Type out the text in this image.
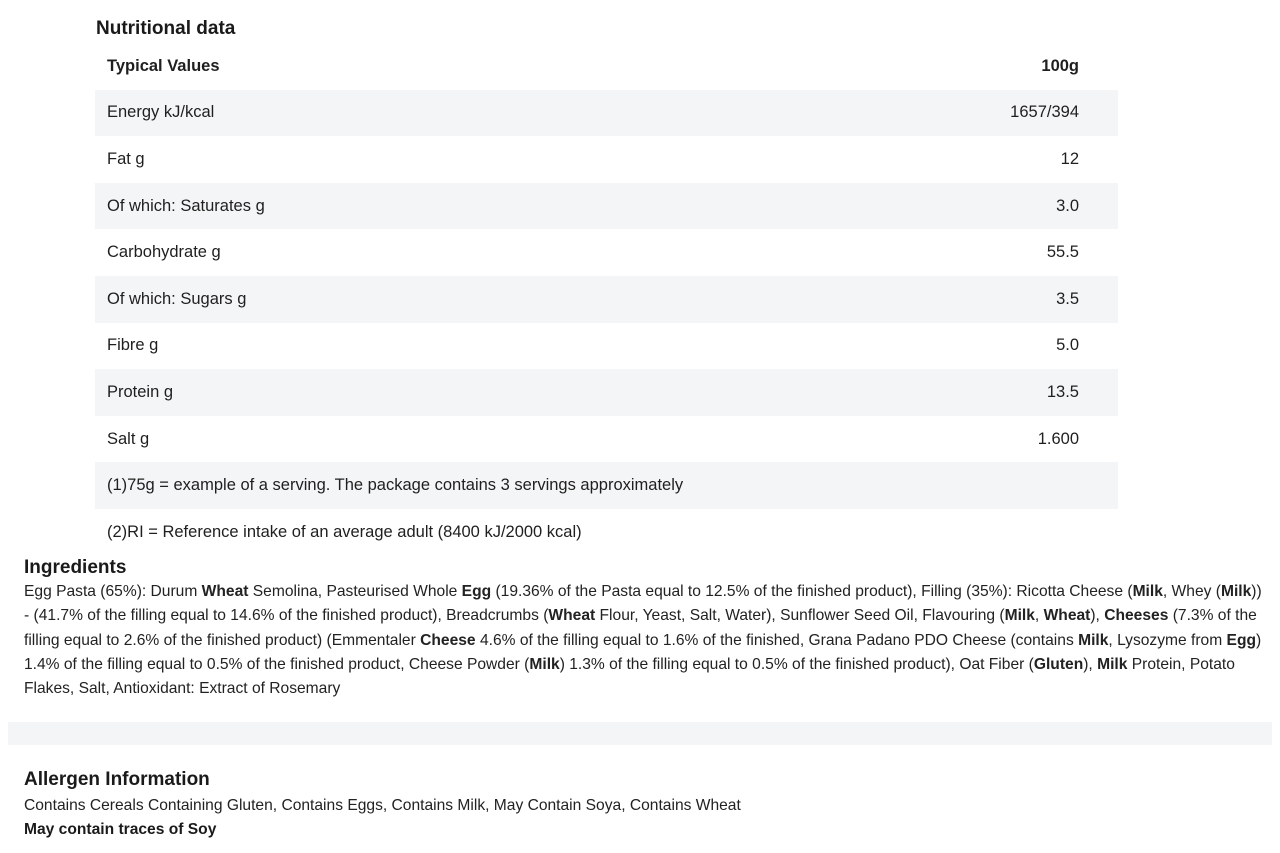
Nutritional data
Typical Values	100g
Energy kJ/kcal	1657/394
Fat g	12
Of which: Saturates g	3.0
Carbohydrate g	55.5
Of which: Sugars g	3.5
Fibre g	5.0
Protein g	13.5
Salt g	1.600
(1)75g = example of a serving. The package contains 3 servings approximately	
(2)RI = Reference intake of an average adult (8400 kJ/2000 kcal)	
Ingredients
Egg Pasta (65%): Durum Wheat Semolina, Pasteurised Whole Egg (19.36% of the Pasta equal to 12.5% of the finished product), Filling (35%): Ricotta Cheese (Milk, Whey (Milk)) - (41.7% of the filling equal to 14.6% of the finished product), Breadcrumbs (Wheat Flour, Yeast, Salt, Water), Sunflower Seed Oil, Flavouring (Milk, Wheat), Cheeses (7.3% of the filling equal to 2.6% of the finished product) (Emmentaler Cheese 4.6% of the filling equal to 1.6% of the finished, Grana Padano PDO Cheese (contains Milk, Lysozyme from Egg) 1.4% of the filling equal to 0.5% of the finished product, Cheese Powder (Milk) 1.3% of the filling equal to 0.5% of the finished product), Oat Fiber (Gluten), Milk Protein, Potato Flakes, Salt, Antioxidant: Extract of Rosemary
Allergen Information
Contains Cereals Containing Gluten, Contains Eggs, Contains Milk, May Contain Soya, Contains Wheat
May contain traces of Soy
